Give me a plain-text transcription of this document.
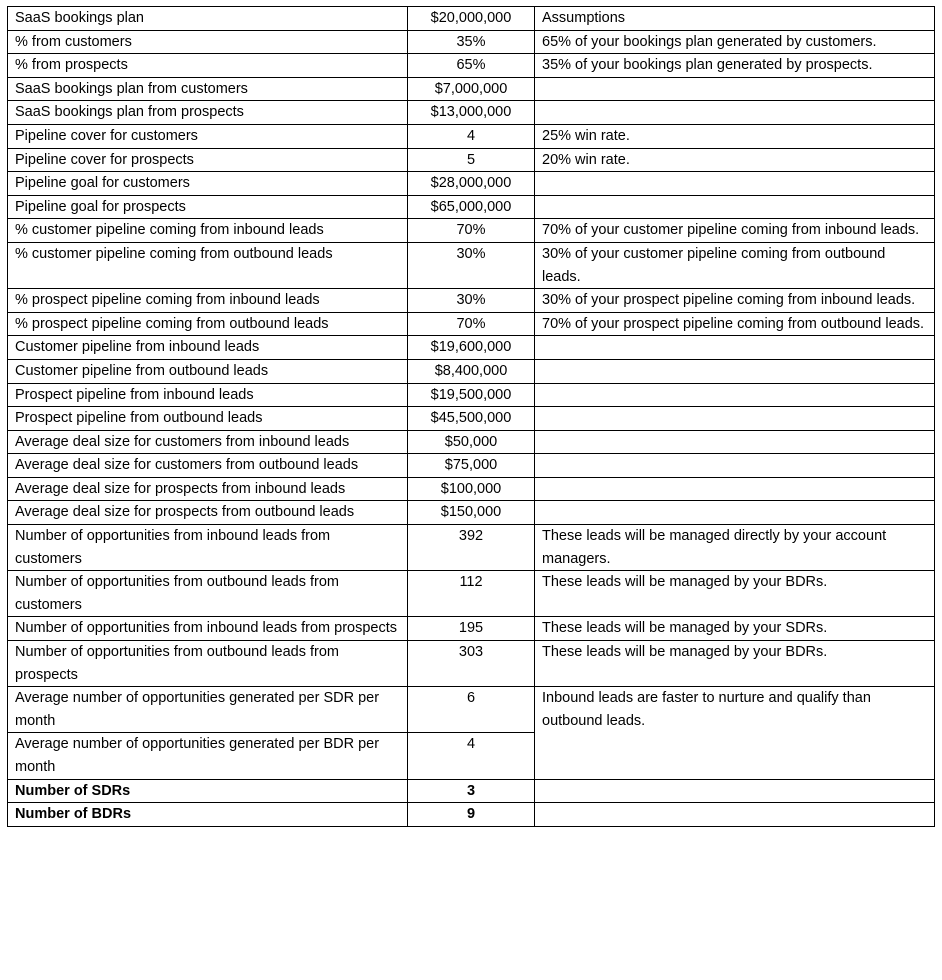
SaaS bookings plan	$20,000,000	Assumptions
% from customers	35%	65% of your bookings plan generated by customers.
% from prospects	65%	35% of your bookings plan generated by prospects.
SaaS bookings plan from customers	$7,000,000	
SaaS bookings plan from prospects	$13,000,000	
Pipeline cover for customers	4	25% win rate.
Pipeline cover for prospects	5	20% win rate.
Pipeline goal for customers	$28,000,000	
Pipeline goal for prospects	$65,000,000	
% customer pipeline coming from inbound leads	70%	70% of your customer pipeline coming from inbound leads.
% customer pipeline coming from outbound leads	30%	30% of your customer pipeline coming from outbound leads.
% prospect pipeline coming from inbound leads	30%	30% of your prospect pipeline coming from inbound leads.
% prospect pipeline coming from outbound leads	70%	70% of your prospect pipeline coming from outbound leads.
Customer pipeline from inbound leads	$19,600,000	
Customer pipeline from outbound leads	$8,400,000	
Prospect pipeline from inbound leads	$19,500,000	
Prospect pipeline from outbound leads	$45,500,000	
Average deal size for customers from inbound leads	$50,000	
Average deal size for customers from outbound leads	$75,000	
Average deal size for prospects from inbound leads	$100,000	
Average deal size for prospects from outbound leads	$150,000	
Number of opportunities from inbound leads from customers	392	These leads will be managed directly by your account managers.
Number of opportunities from outbound leads from customers	112	These leads will be managed by your BDRs.
Number of opportunities from inbound leads from prospects	195	These leads will be managed by your SDRs.
Number of opportunities from outbound leads from prospects	303	These leads will be managed by your BDRs.
Average number of opportunities generated per SDR per month	6	Inbound leads are faster to nurture and qualify than outbound leads.
Average number of opportunities generated per BDR per month	4	
Number of SDRs	3	
Number of BDRs	9	
